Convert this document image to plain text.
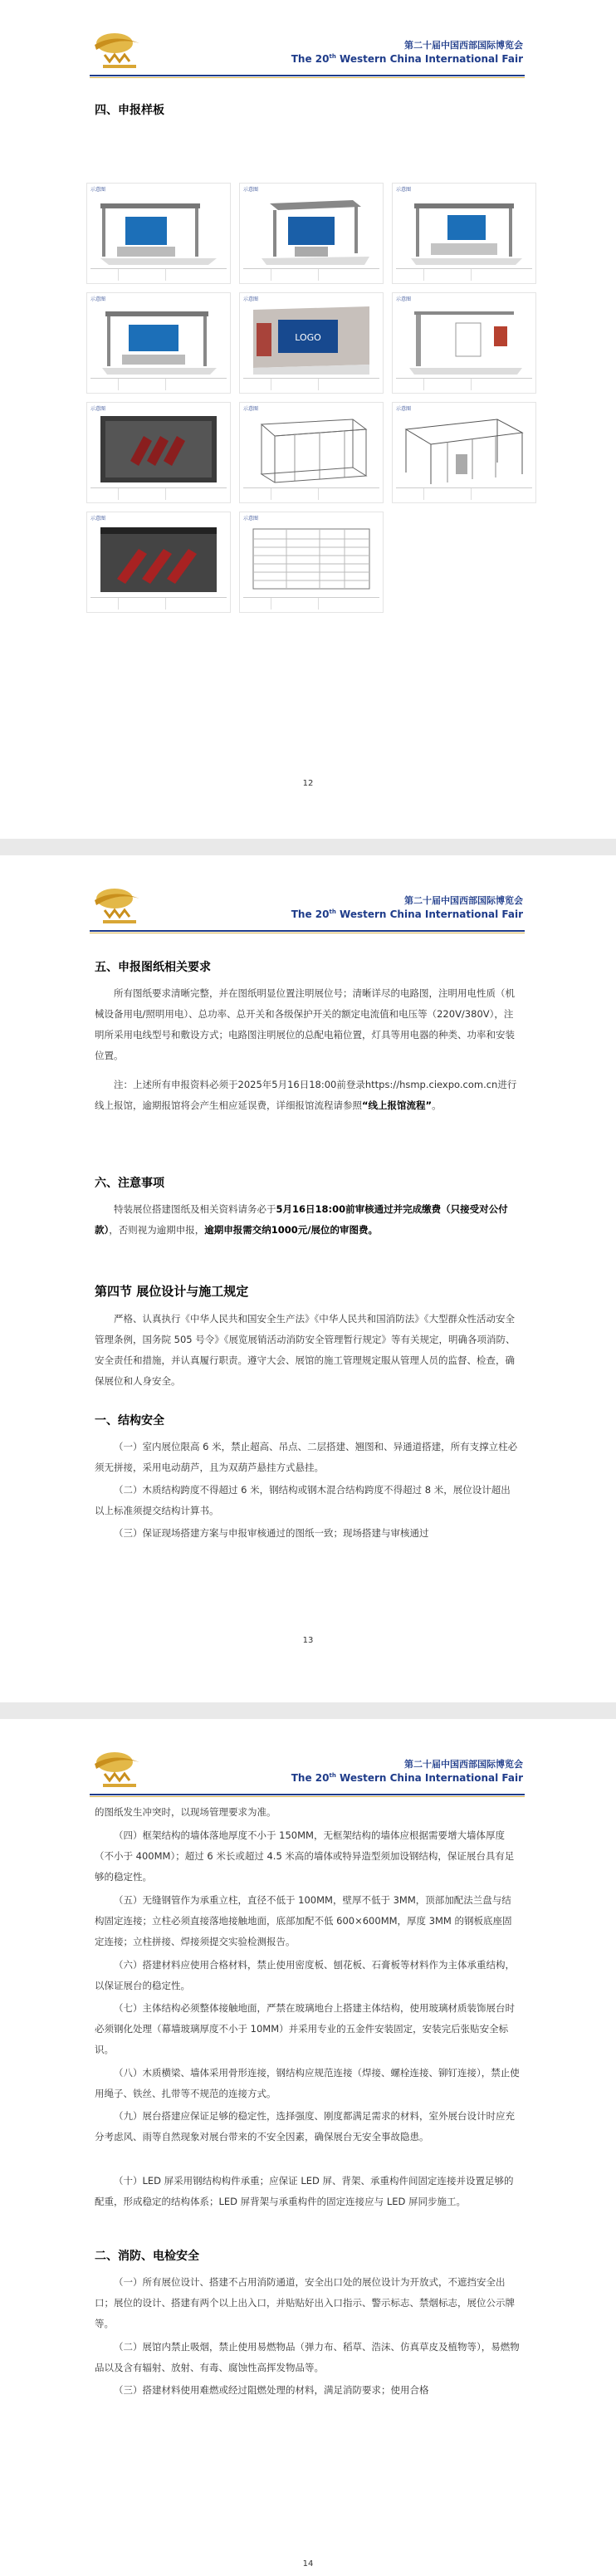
第二十届中国西部国际博览会
The 20th Western China International Fair
四、申报样板
示意图	示意图	示意图
示意图	示意图
LOGO
示意图
示意图	示意图	示意图
示意图	示意图
12
第二十届中国西部国际博览会
The 20th Western China International Fair
五、申报图纸相关要求
所有图纸要求清晰完整，并在图纸明显位置注明展位号；清晰详尽的电路图，注明用电性质（机械设备用电/照明用电）、总功率、总开关和各级保护开关的额定电流值和电压等（220V/380V），注明所采用电线型号和敷设方式；电路图注明展位的总配电箱位置，灯具等用电器的种类、功率和安装位置。
注：上述所有申报资料必须于2025年5月16日18:00前登录https://hsmp.ciexpo.com.cn进行线上报馆，逾期报馆将会产生相应延误费，详细报馆流程请参照“线上报馆流程”。
六、注意事项
特装展位搭建图纸及相关资料请务必于5月16日18:00前审核通过并完成缴费（只接受对公付款），否则视为逾期申报，逾期申报需交纳1000元/展位的审图费。
第四节 展位设计与施工规定
严格、认真执行《中华人民共和国安全生产法》《中华人民共和国消防法》《大型群众性活动安全管理条例，国务院 505 号令》《展览展销活动消防安全管理暂行规定》等有关规定，明确各项消防、安全责任和措施，并认真履行职责。遵守大会、展馆的施工管理规定服从管理人员的监督、检查，确保展位和人身安全。
一、结构安全
（一）室内展位限高 6 米，禁止超高、吊点、二层搭建、翘图和、异通道搭建，所有支撑立柱必须无拼接，采用电动葫芦，且为双葫芦悬挂方式悬挂。
（二）木质结构跨度不得超过 6 米，钢结构或钢木混合结构跨度不得超过 8 米，展位设计超出以上标准须提交结构计算书。
（三）保证现场搭建方案与申报审核通过的图纸一致；现场搭建与审核通过
13
第二十届中国西部国际博览会
The 20th Western China International Fair
的图纸发生冲突时，以现场管理要求为准。
（四）框架结构的墙体落地厚度不小于 150MM，无框架结构的墙体应根据需要增大墙体厚度（不小于 400MM）；超过 6 米长或超过 4.5 米高的墙体或特异造型须加设钢结构，保证展台具有足够的稳定性。
（五）无缝钢管作为承重立柱，直径不低于 100MM，壁厚不低于 3MM，顶部加配法兰盘与结构固定连接；立柱必须直接落地接触地面，底部加配不低 600×600MM，厚度 3MM 的钢板底座固定连接；立柱拼接、焊接须提交实验检测报告。
（六）搭建材料应使用合格材料，禁止使用密度板、刨花板、石膏板等材料作为主体承重结构，以保证展台的稳定性。
（七）主体结构必须整体接触地面，严禁在玻璃地台上搭建主体结构，使用玻璃材质装饰展台时必须钢化处理（幕墙玻璃厚度不小于 10MM）并采用专业的五金件安装固定，安装完后张贴安全标识。
（八）木质横梁、墙体采用骨形连接，钢结构应规范连接（焊接、螺栓连接、铆钉连接），禁止使用绳子、铁丝、扎带等不规范的连接方式。
（九）展台搭建应保证足够的稳定性，选择强度、刚度都满足需求的材料，室外展台设计时应充分考虑风、雨等自然现象对展台带来的不安全因素，确保展台无安全事故隐患。
（十）LED 屏采用钢结构构件承重；应保证 LED 屏、背架、承重构件间固定连接并设置足够的配重，形成稳定的结构体系；LED 屏背架与承重构件的固定连接应与 LED 屏同步施工。
二、消防、电检安全
（一）所有展位设计、搭建不占用消防通道，安全出口处的展位设计为开放式，不遮挡安全出口；展位的设计、搭建有两个以上出入口，并贴贴好出入口指示、警示标志、禁烟标志，展位公示牌等。
（二）展馆内禁止吸烟，禁止使用易燃物品（弹力布、稻草、浩沫、仿真草皮及植物等），易燃物品以及含有辐射、放射、有毒、腐蚀性高挥发物品等。
（三）搭建材料使用难燃或经过阻燃处理的材料，满足消防要求；使用合格
14
